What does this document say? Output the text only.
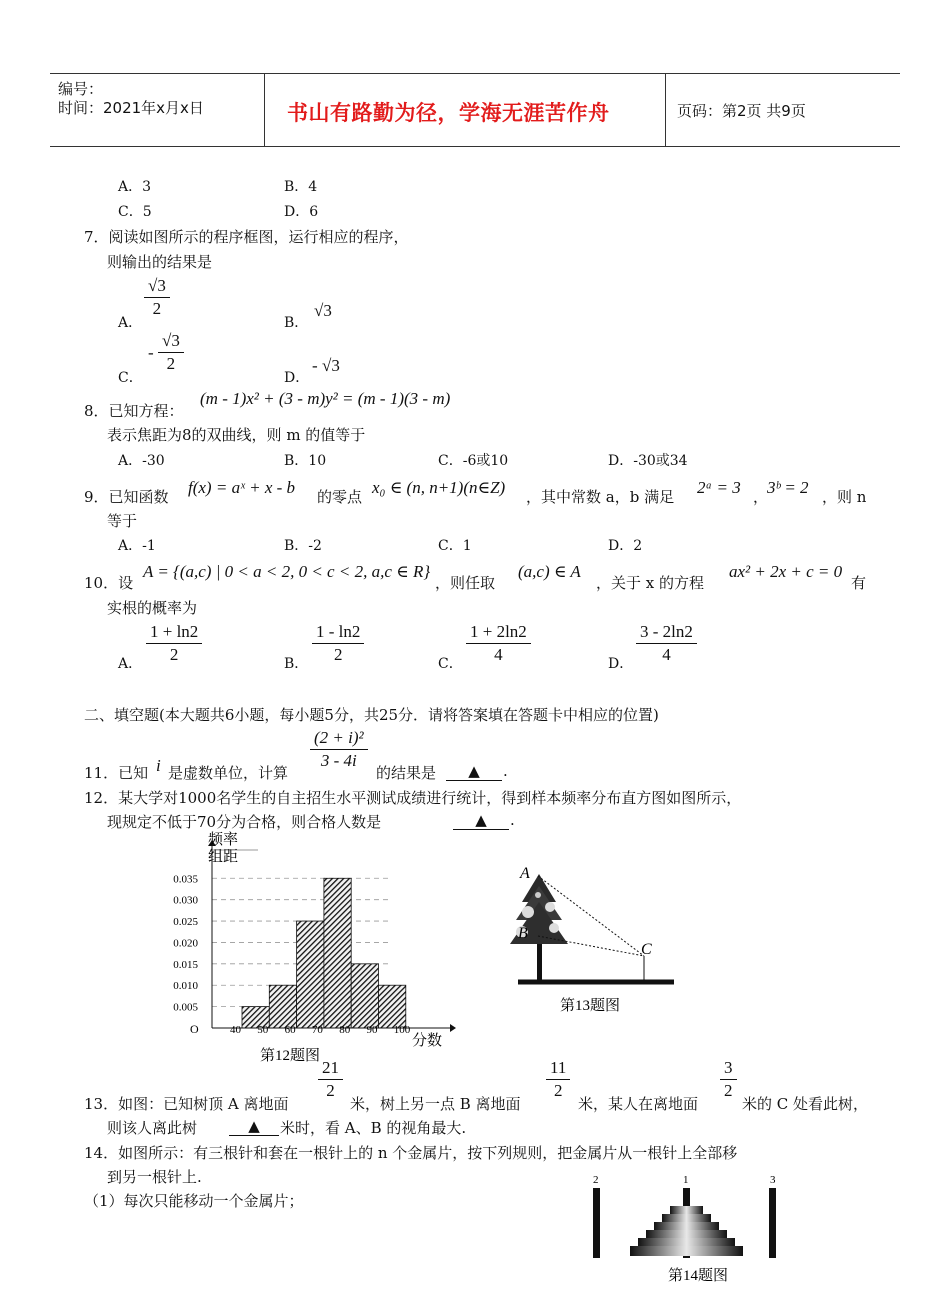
编号：
时间：2021年x月x日	书山有路勤为径，学海无涯苦作舟	页码：第2页 共9页
A．3	B．4
C．5	D．6
7．阅读如图所示的程序框图，运行相应的程序，
则输出的结果是
A．
$\frac{√3}{2}$
B．
√3
C．
- $\frac{√3}{2}$
D．
- √3
8．已知方程：
(m - 1)x² + (3 - m)y² = (m - 1)(3 - m)
表示焦距为8的双曲线，则 m 的值等于
A．-30	B．10	C．-6或10	D．-30或34
9．已知函数 f(x) = aˣ + x - b 的零点 x₀ ∈ (n, n+1)(n∈Z) ，其中常数 a，b 满足 2ᵃ = 3 ，
3ᵇ = 2 ，则 n
等于
A．-1	B．-2	C．1	D．2
10．设
A = {(a,c) | 0 < a < 2, 0 < c < 2, a,c ∈ R}
，则任取
(a,c) ∈ A
，关于 x 的方程
ax² + 2x + c = 0
有
实根的概率为
A． $\frac{1 + \ln 2}{2}$	B． $\frac{1 - \ln 2}{2}$	C． $\frac{1 + 2\ln 2}{4}$	D． $\frac{3 - 2\ln 2}{4}$
二、填空题(本大题共6小题，每小题5分，共25分．请将答案填在答题卡中相应的位置)
11．已知 i 是虚数单位，计算
$\frac{\text{(2 + i)²}}{3 - 4i}$
的结果是	▲	.
12．某大学对1000名学生的自主招生水平测试成绩进行统计，得到样本频率分布直方图如图所示，
现规定不低于70分为合格，则合格人数是	▲	.
0.005
0.010
0.015
0.020
0.025
0.030
0.035
40 50 60 70 80 90 100
频率
组距
O
分数
第12题图
A
B
C
第13题图
13．如图：已知树顶 A 离地面
$\frac{21}{2}$
米，树上另一点 B 离地面
$\frac{11}{2}$
米，某人在离地面
$\frac{3}{2}$
米的 C 处看此树，
则该人离此树	▲	米时，看 A、B 的视角最大.
14．如图所示：有三根针和套在一根针上的 n 个金属片，按下列规则，把金属片从一根针上全部移
到另一根针上.
（1）每次只能移动一个金属片；
2	1	3
第14题图
